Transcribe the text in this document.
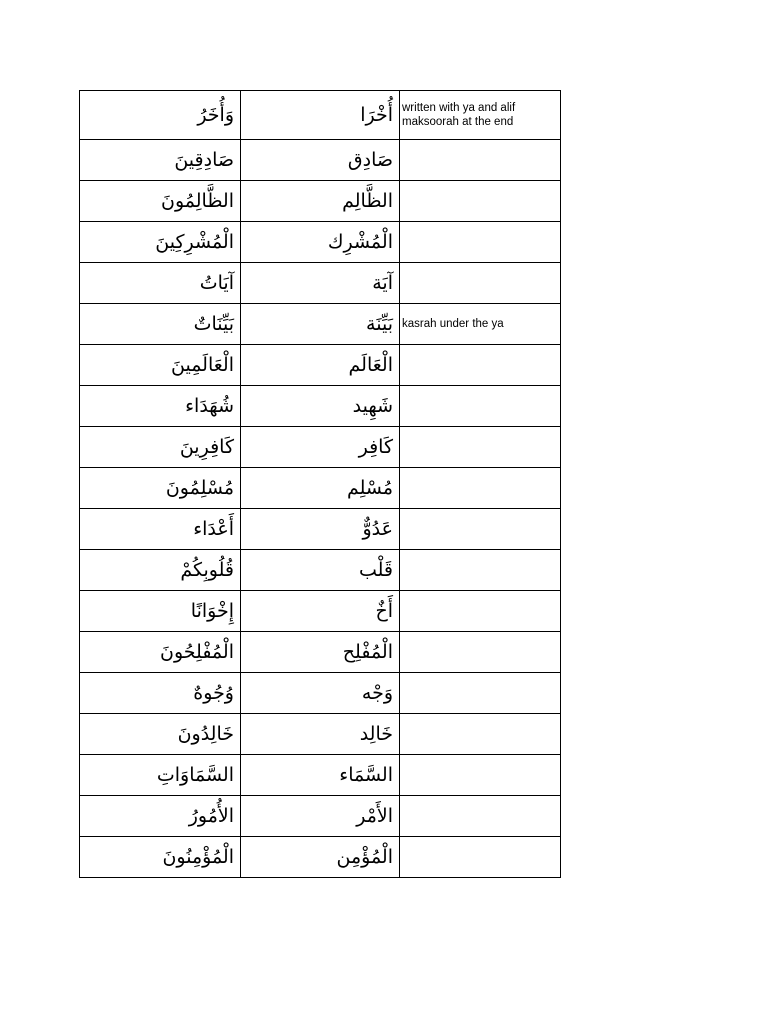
وَأُخَرُ	أُخْرَا	written with ya and alif maksoorah at the end
صَادِقِينَ	صَادِق	
الظَّالِمُونَ	الظَّالِم	
الْمُشْرِكِينَ	الْمُشْرِك	
آيَاتُ	آيَة	
بَيِّنَاتٌ	بَيِّنَة	kasrah under the ya
الْعَالَمِينَ	الْعَالَم	
شُهَدَاء	شَهِيد	
كَافِرِينَ	كَافِر	
مُسْلِمُونَ	مُسْلِم	
أَعْدَاء	عَدُوٌّ	
قُلُوبِكُمْ	قَلْب	
إِخْوَانًا	أَخٌ	
الْمُفْلِحُونَ	الْمُفْلِح	
وُجُوهٌ	وَجْه	
خَالِدُونَ	خَالِد	
السَّمَاوَاتِ	السَّمَاء	
الأُمُورُ	الأَمْر	
الْمُؤْمِنُونَ	الْمُؤْمِن	
